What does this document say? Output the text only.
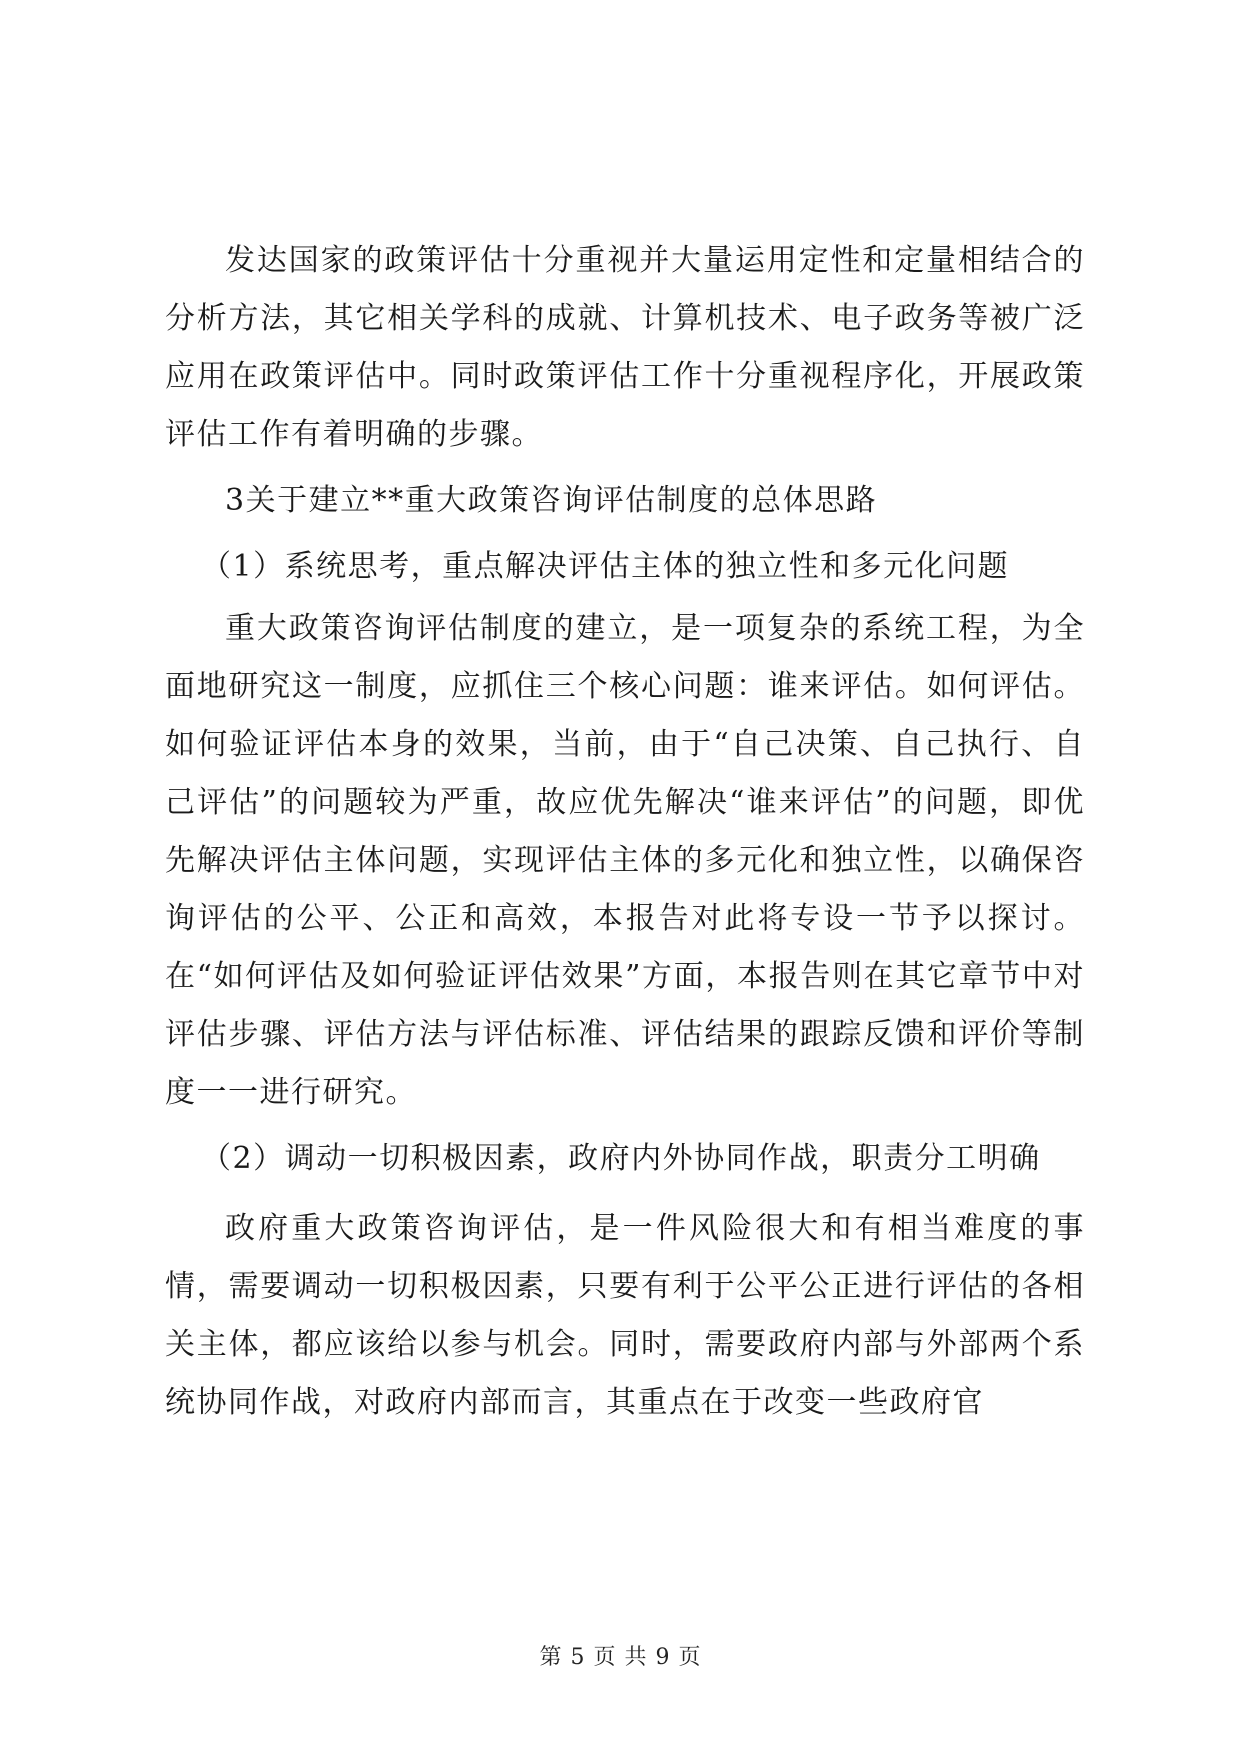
发达国家的政策评估十分重视并大量运用定性和定量相结合的分析方法，其它相关学科的成就、计算机技术、电子政务等被广泛应用在政策评估中。同时政策评估工作十分重视程序化，开展政策评估工作有着明确的步骤。

3关于建立**重大政策咨询评估制度的总体思路

（1）系统思考，重点解决评估主体的独立性和多元化问题

重大政策咨询评估制度的建立，是一项复杂的系统工程，为全面地研究这一制度，应抓住三个核心问题：谁来评估。如何评估。如何验证评估本身的效果，当前，由于“自己决策、自己执行、自己评估”的问题较为严重，故应优先解决“谁来评估”的问题，即优先解决评估主体问题，实现评估主体的多元化和独立性，以确保咨询评估的公平、公正和高效，本报告对此将专设一节予以探讨。在“如何评估及如何验证评估效果”方面，本报告则在其它章节中对评估步骤、评估方法与评估标准、评估结果的跟踪反馈和评价等制度一一进行研究。

（2）调动一切积极因素，政府内外协同作战，职责分工明确

政府重大政策咨询评估，是一件风险很大和有相当难度的事情，需要调动一切积极因素，只要有利于公平公正进行评估的各相关主体，都应该给以参与机会。同时，需要政府内部与外部两个系统协同作战，对政府内部而言，其重点在于改变一些政府官

第 5 页 共 9 页
